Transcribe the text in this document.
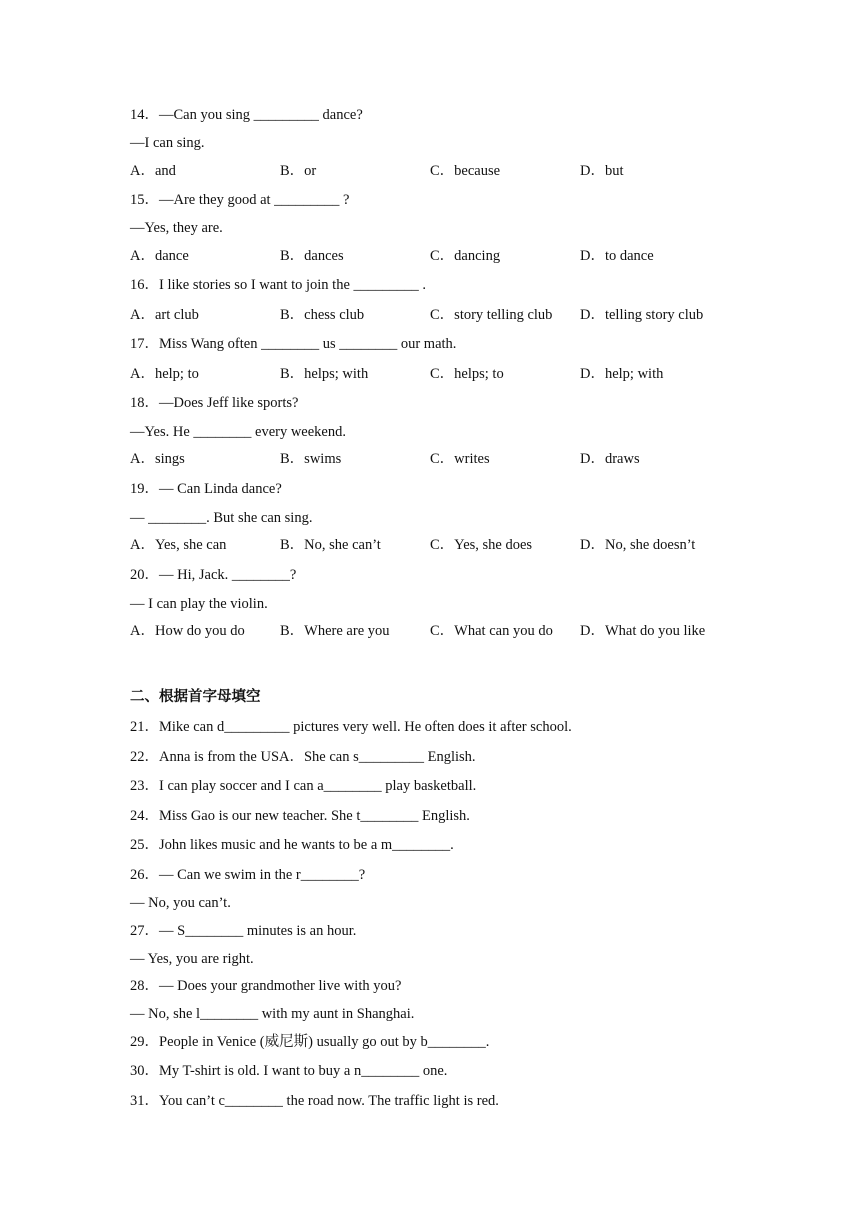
14．—Can you sing _________ dance?
—I can sing.
A．and	B．or	C．because	D．but
15．—Are they good at _________ ?
—Yes, they are.
A．dance	B．dances	C．dancing	D．to dance
16．I like stories so I want to join the _________ .
A．art club	B．chess club	C．story telling club D．telling story club
17．Miss Wang often ________ us ________ our math.
A．help; to	B．helps; with	C．helps; to	D．help; with
18．—Does Jeff like sports?
—Yes. He ________ every weekend.
A．sings	B．swims	C．writes	D．draws
19．— Can Linda dance?
— ________. But she can sing.
A．Yes, she can	B．No, she can’t	C．Yes, she does	D．No, she doesn’t
20．— Hi, Jack. ________?
— I can play the violin.
A．How do you do B．Where are you	C．What can you do D．What do you like
二、根据首字母填空
21．Mike can d_________ pictures very well. He often does it after school.
22．Anna is from the USA．She can s_________ English.
23．I can play soccer and I can a________ play basketball.
24．Miss Gao is our new teacher. She t________ English.
25．John likes music and he wants to be a m________.
26．— Can we swim in the r________?
— No, you can’t.
27．— S________ minutes is an hour.
— Yes, you are right.
28．— Does your grandmother live with you?
— No, she l________ with my aunt in Shanghai.
29．People in Venice (威尼斯) usually go out by b________.
30．My T-shirt is old. I want to buy a n________ one.
31．You can’t c________ the road now. The traffic light is red.
